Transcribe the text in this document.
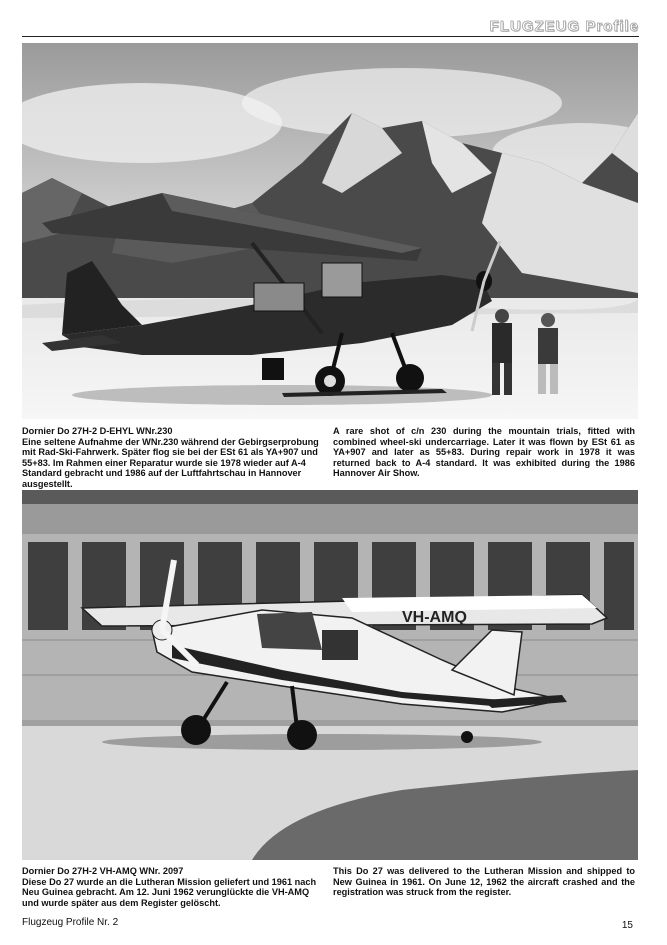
FLUGZEUG Profile
Dornier Do 27H-2 D-EHYL WNr.230
Eine seltene Aufnahme der WNr.230 während der Gebirgserprobung mit Rad-Ski-Fahrwerk. Später flog sie bei der ESt 61 als YA+907 und 55+83. Im Rahmen einer Reparatur wurde sie 1978 wieder auf A-4 Standard gebracht und 1986 auf der Luftfahrtschau in Hannover ausgestellt.
A rare shot of c/n 230 during the mountain trials, fitted with combined wheel-ski undercarriage. Later it was flown by ESt 61 as YA+907 and later as 55+83. During repair work in 1978 it was returned back to A-4 standard. It was exhibited during the 1986 Hannover Air Show.
VH-AMQ
Dornier Do 27H-2 VH-AMQ WNr. 2097
Diese Do 27 wurde an die Lutheran Mission geliefert und 1961 nach Neu Guinea gebracht. Am 12. Juni 1962 verunglückte die VH-AMQ und wurde später aus dem Register gelöscht.
This Do 27 was delivered to the Lutheran Mission and shipped to New Guinea in 1961. On June 12, 1962 the aircraft crashed and the registration was struck from the register.
Flugzeug Profile Nr. 2	15
